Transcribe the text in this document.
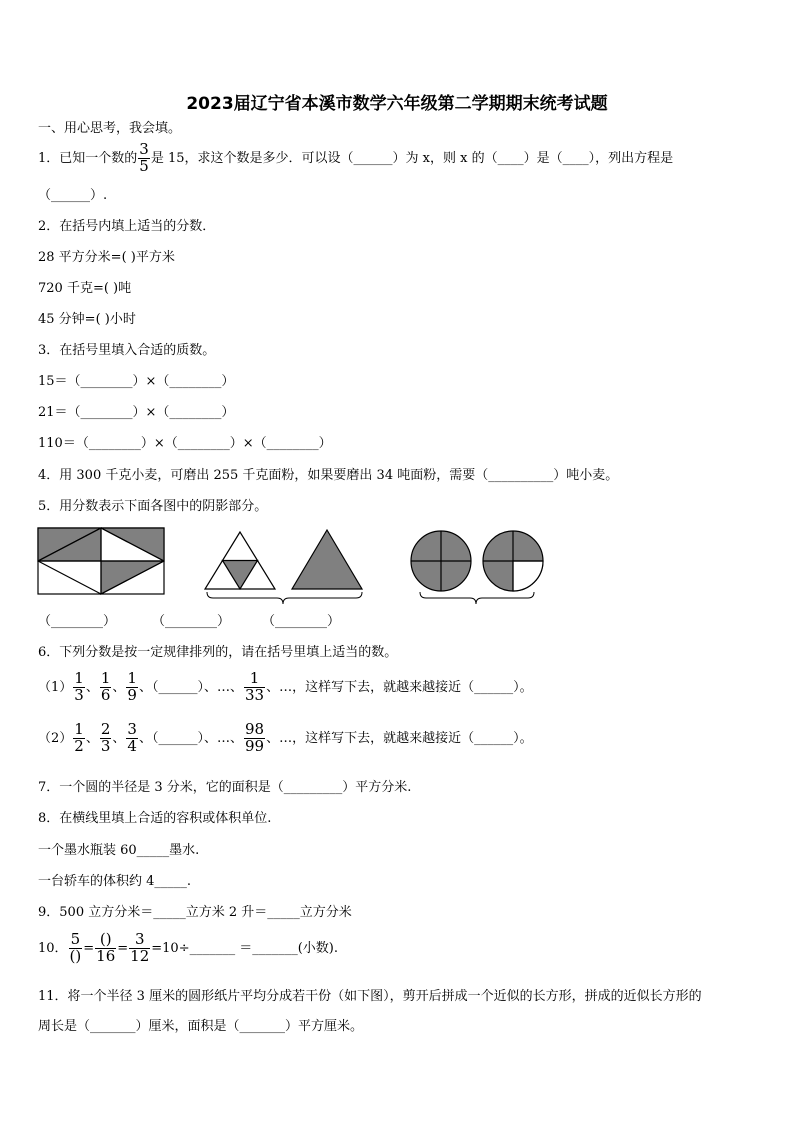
2023届辽宁省本溪市数学六年级第二学期期末统考试题
一、用心思考，我会填。
1．已知一个数的 $\frac{3}{5}$ 是 15，求这个数是多少．可以设（______）为 x，则 x 的（____）是（____），列出方程是
（______）.
2．在括号内填上适当的分数．
28 平方分米=( )平方米
720 千克=( )吨
45 分钟=( )小时
3．在括号里填入合适的质数。
15＝（________）×（________）
21＝（________）×（________）
110＝（________）×（________）×（________）
4．用 300 千克小麦，可磨出 255 千克面粉，如果要磨出 34 吨面粉，需要（__________）吨小麦。
5．用分数表示下面各图中的阴影部分。
（________）	（________） （________）
6．下列分数是按一定规律排列的，请在括号里填上适当的数。
$(1) \frac{1}{3}$ 、 $\frac{1}{6}$ 、 $\frac{1}{9}$ 、（______）、…、 $\frac{1}{33}$ 、…，这样写下去，就越来越接近（______）。
$(2) \frac{1}{2}$ 、 $\frac{2}{3}$ 、 $\frac{3}{4}$ 、（______）、…、 $\frac{98}{99}$ 、…，这样写下去，就越来越接近（______）。
7．一个圆的半径是 3 分米，它的面积是（_________）平方分米.
8．在横线里填上合适的容积或体积单位.
一个墨水瓶装 60_____墨水.
一台轿车的体积约 4_____.
9．500 立方分米＝_____立方米 2 升＝_____立方分米
10． $\frac{5}{()} = \frac{()}{16} = \frac{3}{12}$ =10÷_______ ＝_______(小数).
11．将一个半径 3 厘米的圆形纸片平均分成若干份（如下图），剪开后拼成一个近似的长方形，拼成的近似长方形的
周长是（_______）厘米，面积是（_______）平方厘米。
